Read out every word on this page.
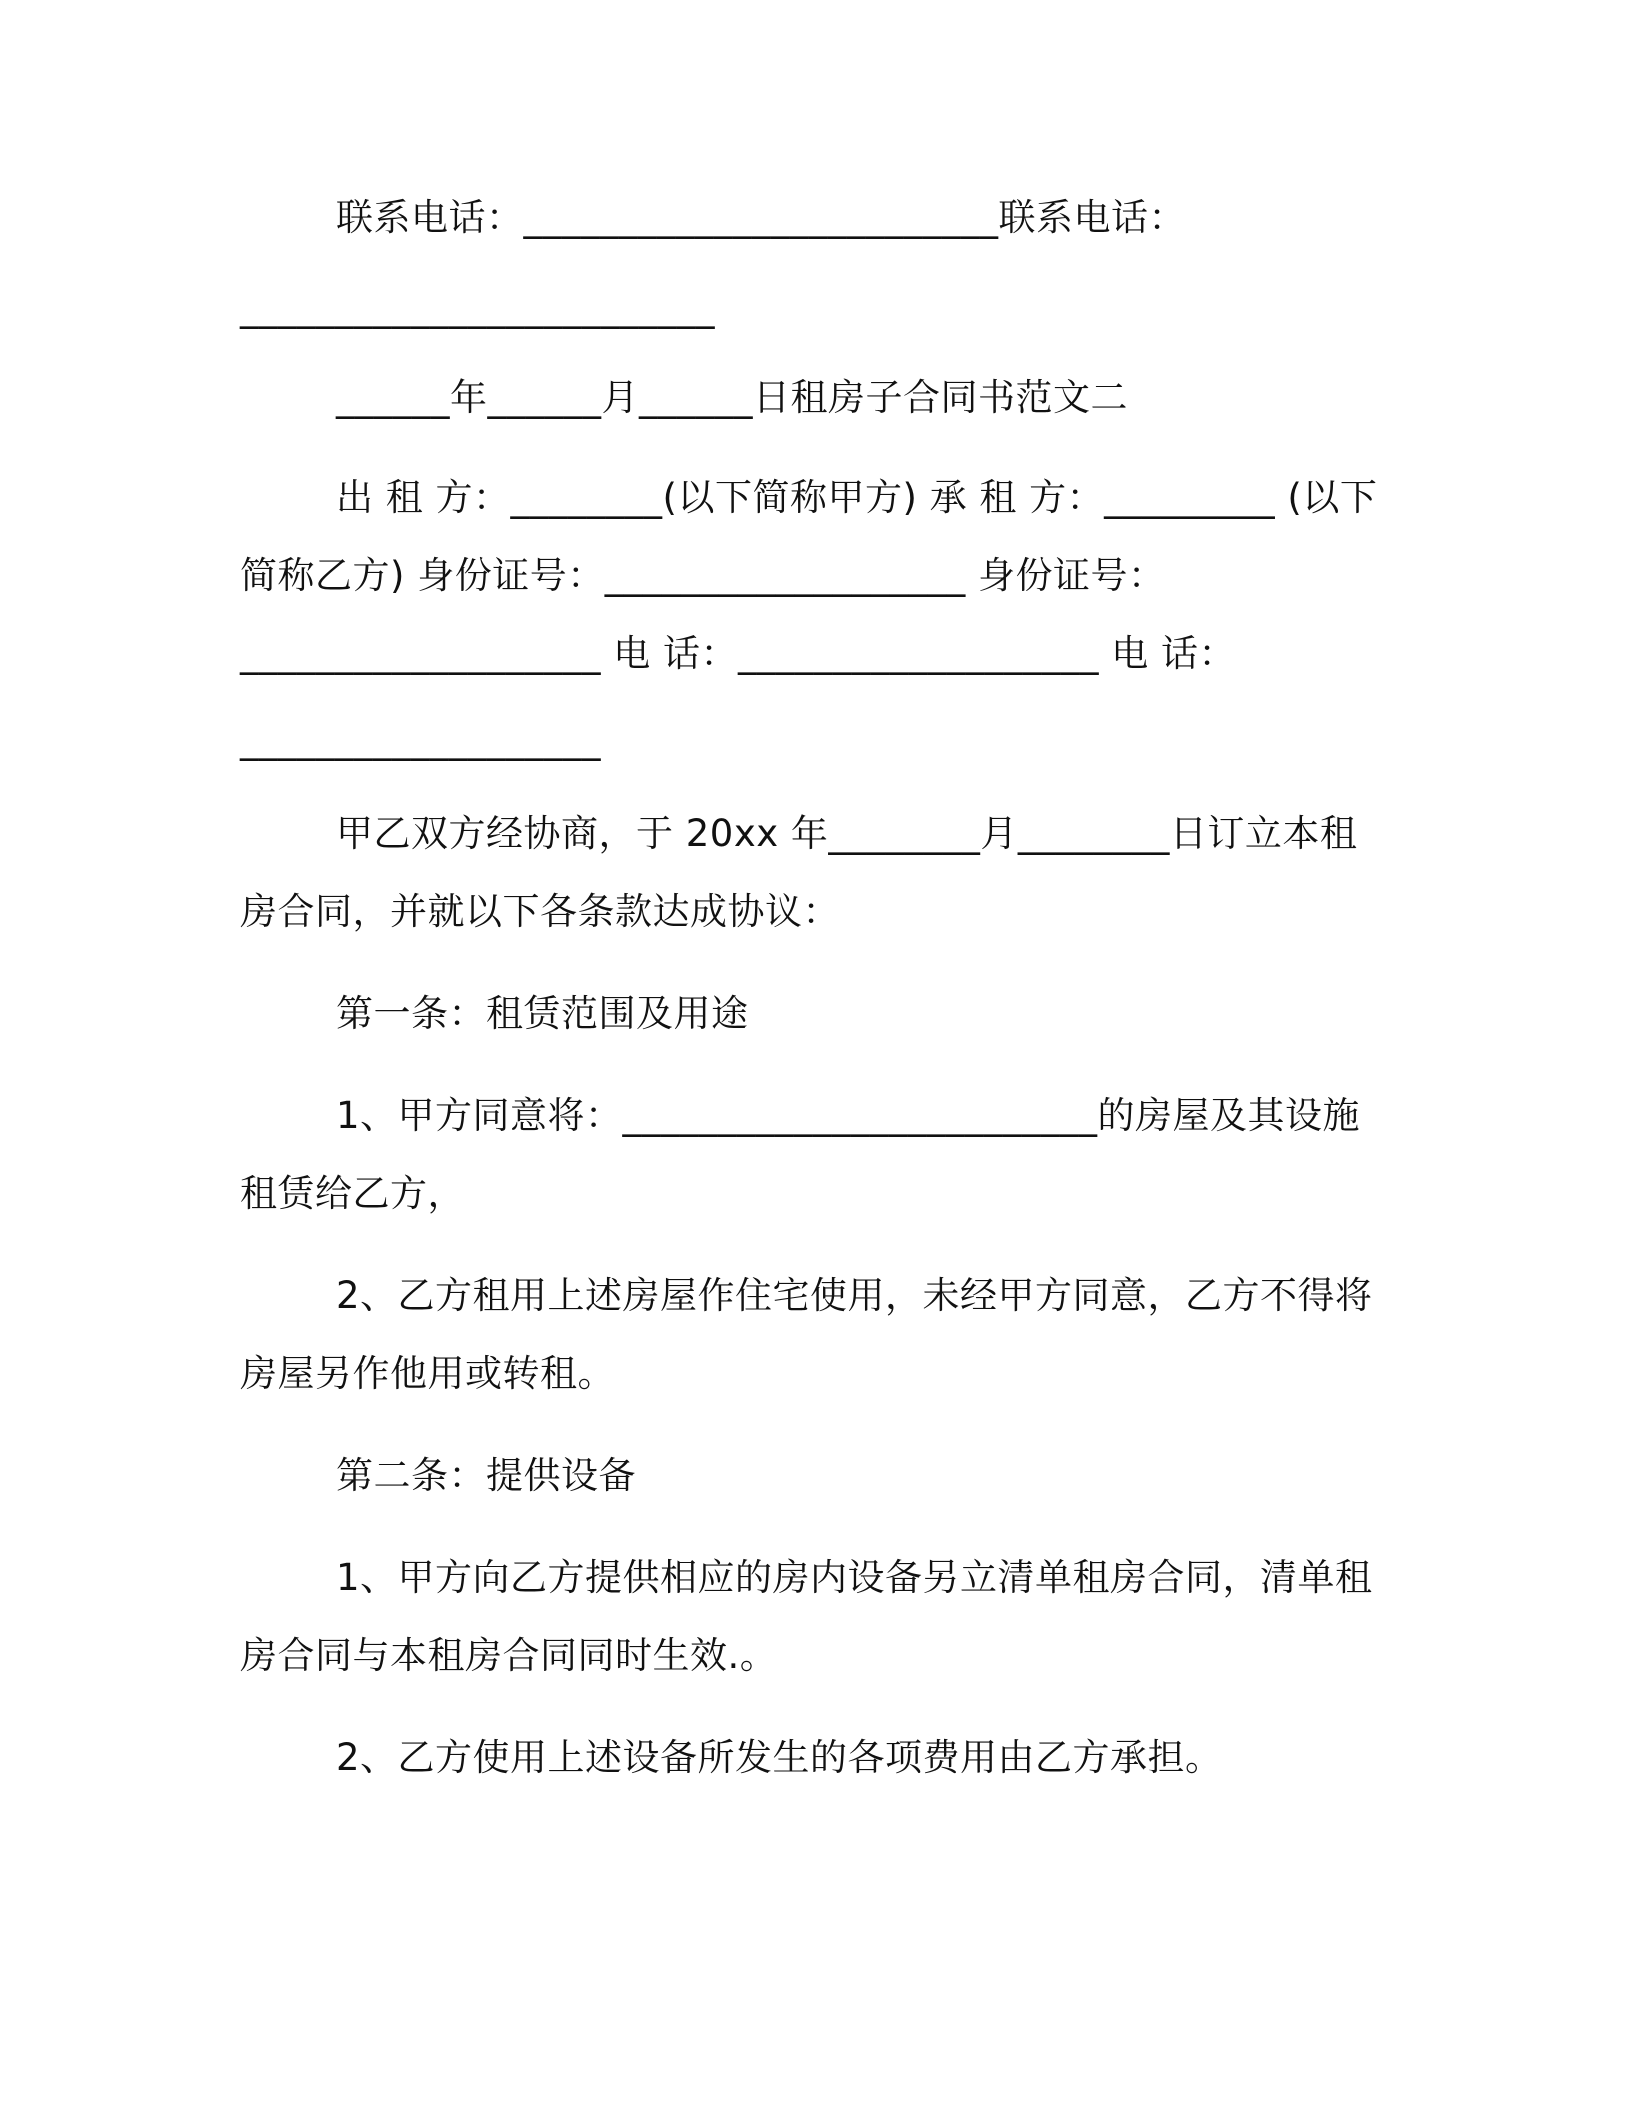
联系电话：_________________________联系电话：
_________________________
______年______月______日租房子合同书范文二
出 租 方：________(以下简称甲方) 承 租 方：_________ (以下
简称乙方) 身份证号：___________________ 身份证号：
___________________ 电 话：___________________ 电 话：
___________________
甲乙双方经协商，于 20xx 年________月________日订立本租
房合同，并就以下各条款达成协议：
第一条：租赁范围及用途
1、甲方同意将：_________________________的房屋及其设施
租赁给乙方，
2、乙方租用上述房屋作住宅使用，未经甲方同意，乙方不得将
房屋另作他用或转租。
第二条：提供设备
1、甲方向乙方提供相应的房内设备另立清单租房合同，清单租
房合同与本租房合同同时生效.。
2、乙方使用上述设备所发生的各项费用由乙方承担。
